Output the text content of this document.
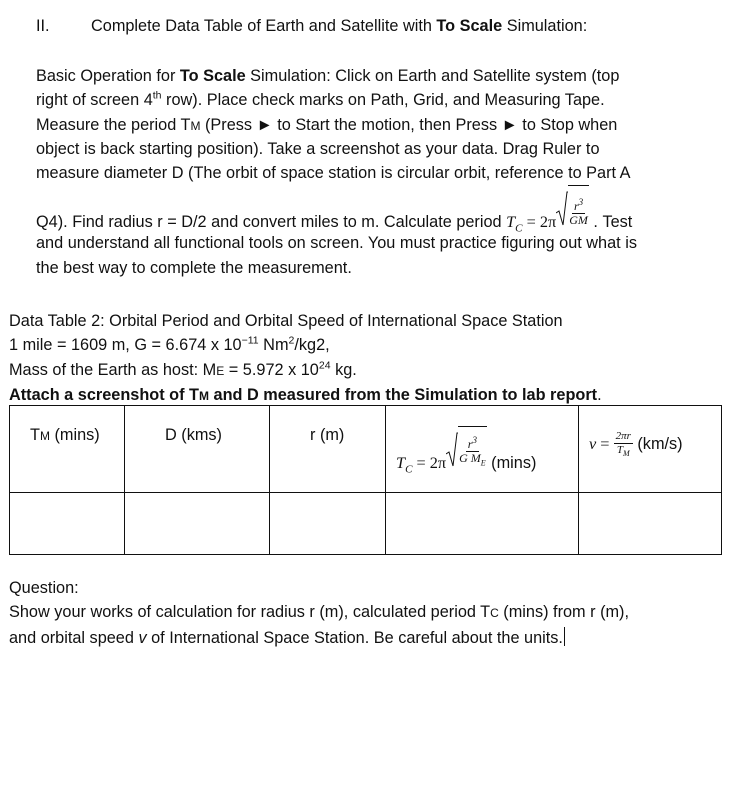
II.	Complete Data Table of Earth and Satellite with To Scale Simulation:
Basic Operation for To Scale Simulation: Click on Earth and Satellite system (top
right of screen 4th row). Place check marks on Path, Grid, and Measuring Tape.
Measure the period TM (Press ► to Start the motion, then Press ► to Stop when
object is back starting position). Take a screenshot as your data. Drag Ruler to
measure diameter D (The orbit of space station is circular orbit, reference to Part A
Q4). Find radius r = D/2 and convert miles to m. Calculate period $T_C = 2\pi \frac{r^3}{GM}$ . Test
and understand all functional tools on screen. You must practice figuring out what is
the best way to complete the measurement.
Data Table 2: Orbital Period and Orbital Speed of International Space Station
1 mile = 1609 m, G = 6.674 x $10^{-11}$ Nm$^2$/kg2,
Mass of the Earth as host: ME = 5.972 x $10^{24}$ kg.
Attach a screenshot of TM and D measured from the Simulation to lab report.
TM (mins)	D (kms)	r (m)	$T_C = 2\pi \frac{r^3}{G M_E} (\min s)$	$v = \frac{2\pi r}{T_M} (km/s)$

Question:
Show your works of calculation for radius r (m), calculated period TC (mins) from r (m),
and orbital speed v of International Space Station. Be careful about the units.
